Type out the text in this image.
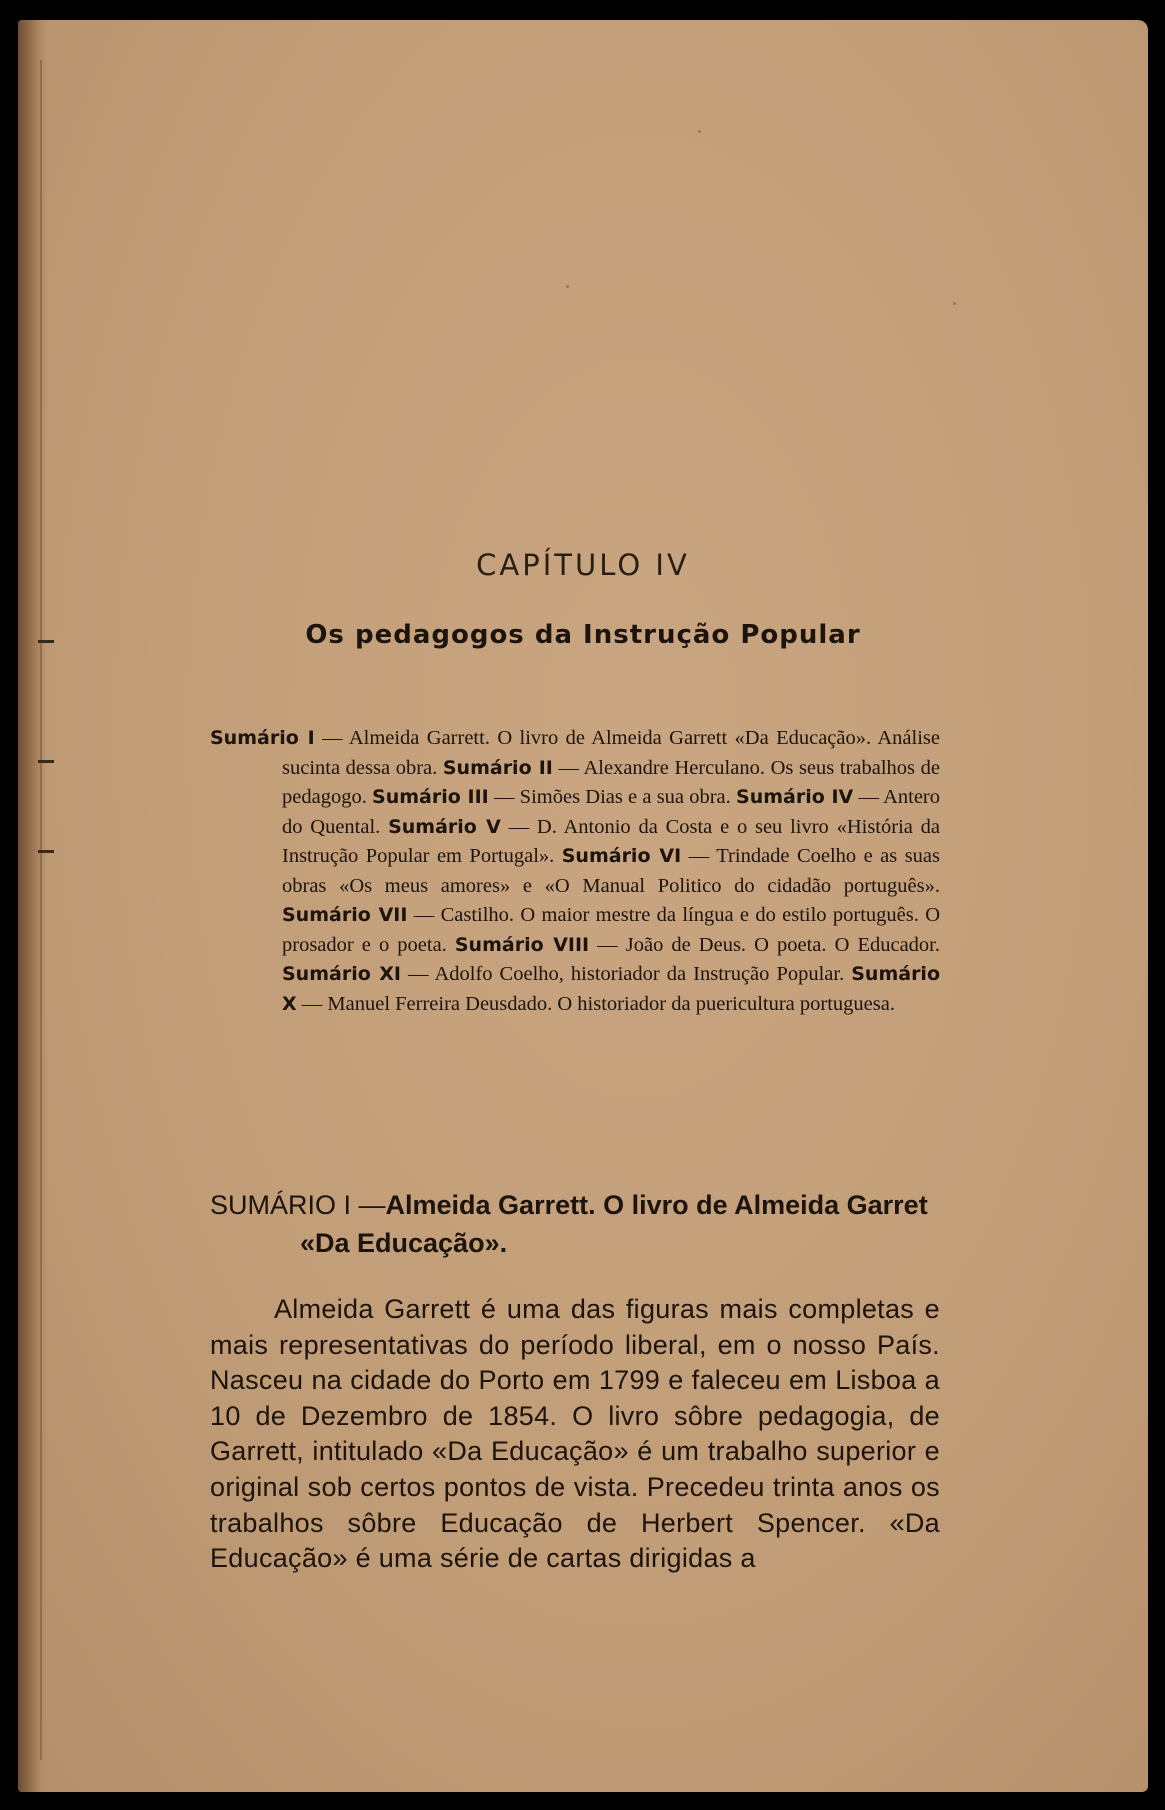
CAPÍTULO IV
Os pedagogos da Instrução Popular
Sumário I — Almeida Garrett. O livro de Almeida Garrett «Da Educação». Análise sucinta dessa obra. Sumário II — Alexandre Herculano. Os seus trabalhos de pedagogo. Sumário III — Simões Dias e a sua obra. Sumário IV — Antero do Quental. Sumário V — D. Antonio da Costa e o seu livro «História da Instrução Popular em Portugal». Sumário VI — Trindade Coelho e as suas obras «Os meus amores» e «O Manual Politico do cidadão português». Sumário VII — Castilho. O maior mestre da língua e do estilo português. O prosador e o poeta. Sumário VIII — João de Deus. O poeta. O Educador. Sumário XI — Adolfo Coelho, historiador da Instrução Popular. Sumário X — Manuel Ferreira Deusdado. O historiador da puericultura portuguesa.
SUMÁRIO I —Almeida Garrett. O livro de Almeida Garret «Da Educação».
Almeida Garrett é uma das figuras mais completas e mais representativas do período liberal, em o nosso País. Nasceu na cidade do Porto em 1799 e faleceu em Lisboa a 10 de Dezembro de 1854. O livro sôbre pedagogia, de Garrett, intitulado «Da Educação» é um trabalho superior e original sob certos pontos de vista. Precedeu trinta anos os trabalhos sôbre Educação de Herbert Spencer. «Da Educação» é uma série de cartas dirigidas a
